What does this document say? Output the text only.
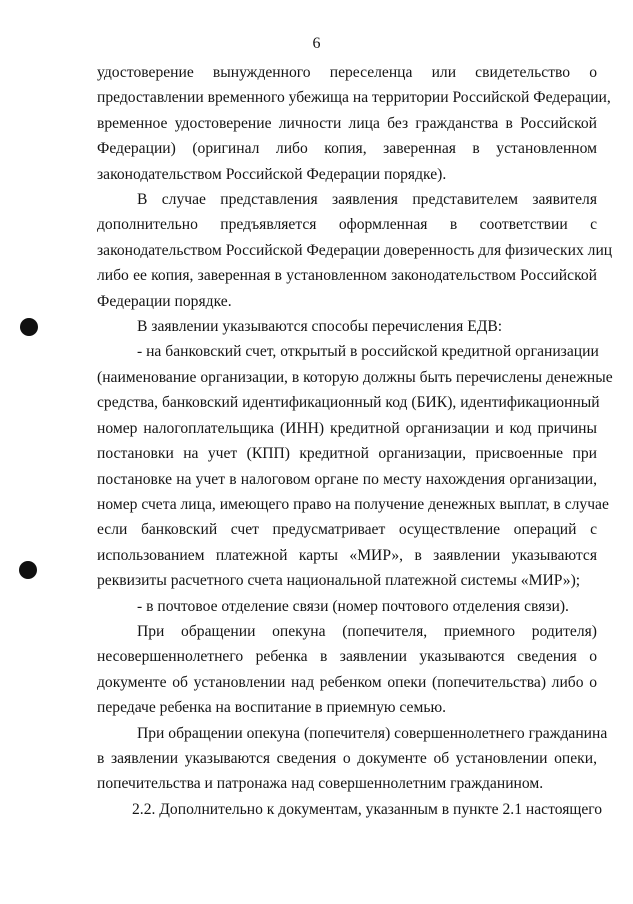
6

удостоверение вынужденного переселенца или свидетельство о

предоставлении временного убежища на территории Российской Федерации,

временное удостоверение личности лица без гражданства в Российской

Федерации) (оригинал либо копия, заверенная в установленном

законодательством Российской Федерации порядке).

В случае представления заявления представителем заявителя

дополнительно предъявляется оформленная в соответствии с

законодательством Российской Федерации доверенность для физических лиц

либо ее копия, заверенная в установленном законодательством Российской

Федерации порядке.

В заявлении указываются способы перечисления ЕДВ:

- на банковский счет, открытый в российской кредитной организации

(наименование организации, в которую должны быть перечислены денежные

средства, банковский идентификационный код (БИК), идентификационный

номер налогоплательщика (ИНН) кредитной организации и код причины

постановки на учет (КПП) кредитной организации, присвоенные при

постановке на учет в налоговом органе по месту нахождения организации,

номер счета лица, имеющего право на получение денежных выплат, в случае

если банковский счет предусматривает осуществление операций с

использованием платежной карты «МИР», в заявлении указываются

реквизиты расчетного счета национальной платежной системы «МИР»);

- в почтовое отделение связи (номер почтового отделения связи).

При обращении опекуна (попечителя, приемного родителя)

несовершеннолетнего ребенка в заявлении указываются сведения о

документе об установлении над ребенком опеки (попечительства) либо о

передаче ребенка на воспитание в приемную семью.

При обращении опекуна (попечителя) совершеннолетнего гражданина

в заявлении указываются сведения о документе об установлении опеки,

попечительства и патронажа над совершеннолетним гражданином.

2.2. Дополнительно к документам, указанным в пункте 2.1 настоящего
